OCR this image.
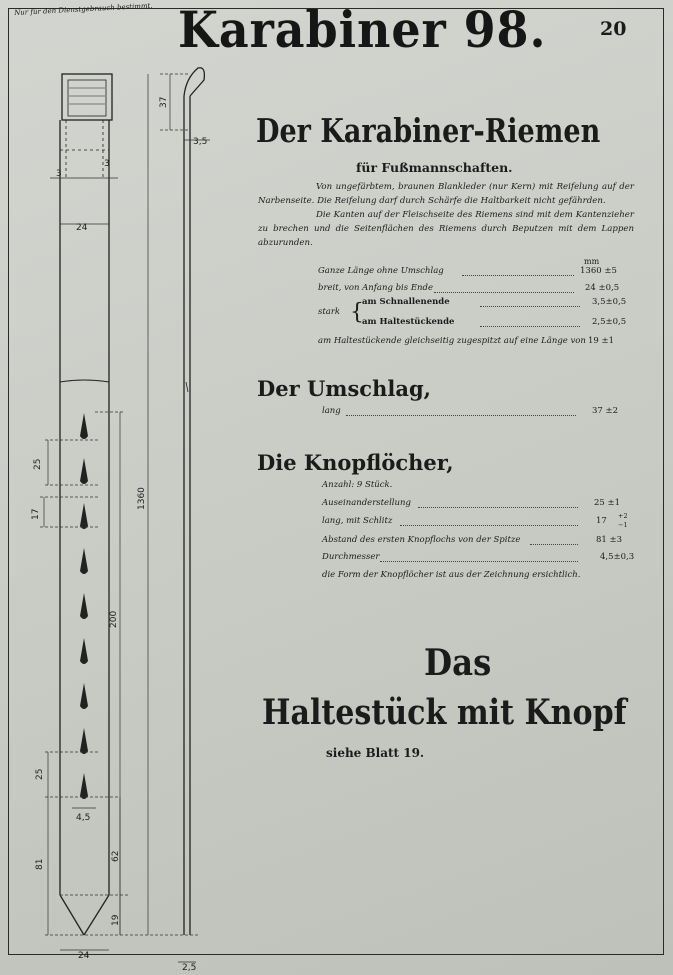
Nur für den Dienstgebrauch bestimmt. Karabiner 98.	20
37
3,5
3
3
24
25
17
1360
200
25
4,5
81
62
19
24
2,5
Der Karabiner-Riemen
für Fußmannschaften.

Von ungefärbtem, braunen Blankleder (nur Kern) mit Reifelung auf der Narbenseite. Die Reifelung darf durch Schärfe die Haltbarkeit nicht gefährden.

Die Kanten auf der Fleischseite des Riemens sind mit dem Kantenzieher zu brechen und die Seitenflächen des Riemens durch Beputzen mit dem Lappen abzurunden.

mm
Ganze Länge ohne Umschlag	1360 ±5
breit, von Anfang bis Ende	24 ±0,5
stark {
am Schnallenende	3,5±0,5
am Haltestückende	2,5±0,5
am Haltestückende gleichseitig zugespitzt auf eine Länge von 19 ±1
Der Umschlag,
lang	37 ±2
Die Knopflöcher,
Anzahl: 9 Stück.
Auseinanderstellung	25 ±1
lang, mit Schlitz	17 +2
−1
Abstand des ersten Knopflochs von der Spitze	81 ±3
Durchmesser	4,5±0,3
die Form der Knopflöcher ist aus der Zeichnung ersichtlich.
Das
Haltestück mit Knopf
siehe Blatt 19.
